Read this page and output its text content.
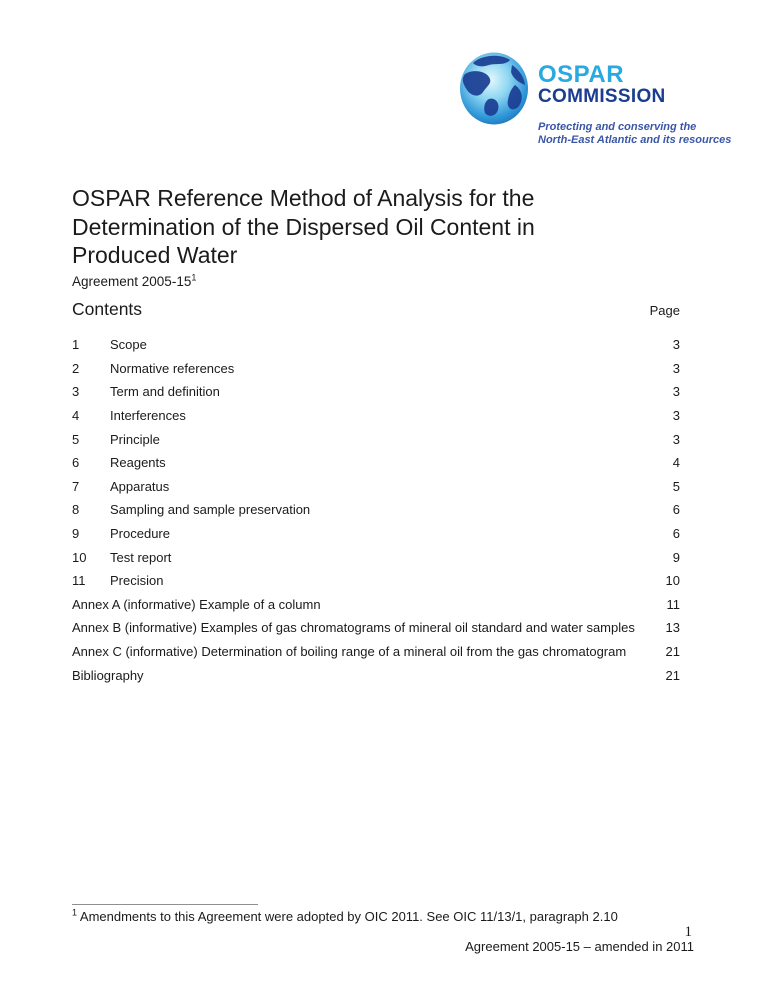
OSPAR
COMMISSION
Protecting and conserving the
North-East Atlantic and its resources
OSPAR Reference Method of Analysis for the
Determination of the Dispersed Oil Content in
Produced Water
Agreement $2005-15^1$
Contents	Page
1	Scope	3
2	Normative references	3
3	Term and definition	3
4	Interferences	3
5	Principle	3
6	Reagents	4
7	Apparatus	5
8	Sampling and sample preservation	6
9	Procedure	6
10	Test report	9
11	Precision	10
Annex A (informative) Example of a column	11
Annex B (informative) Examples of gas chromatograms of mineral oil standard and water samples	13
Annex C (informative) Determination of boiling range of a mineral oil from the gas chromatogram	21
Bibliography	21
$^1$ Amendments to this Agreement were adopted by OIC 2011. See OIC 11/13/1, paragraph 2.10
1
Agreement 2005-15 – amended in 2011
